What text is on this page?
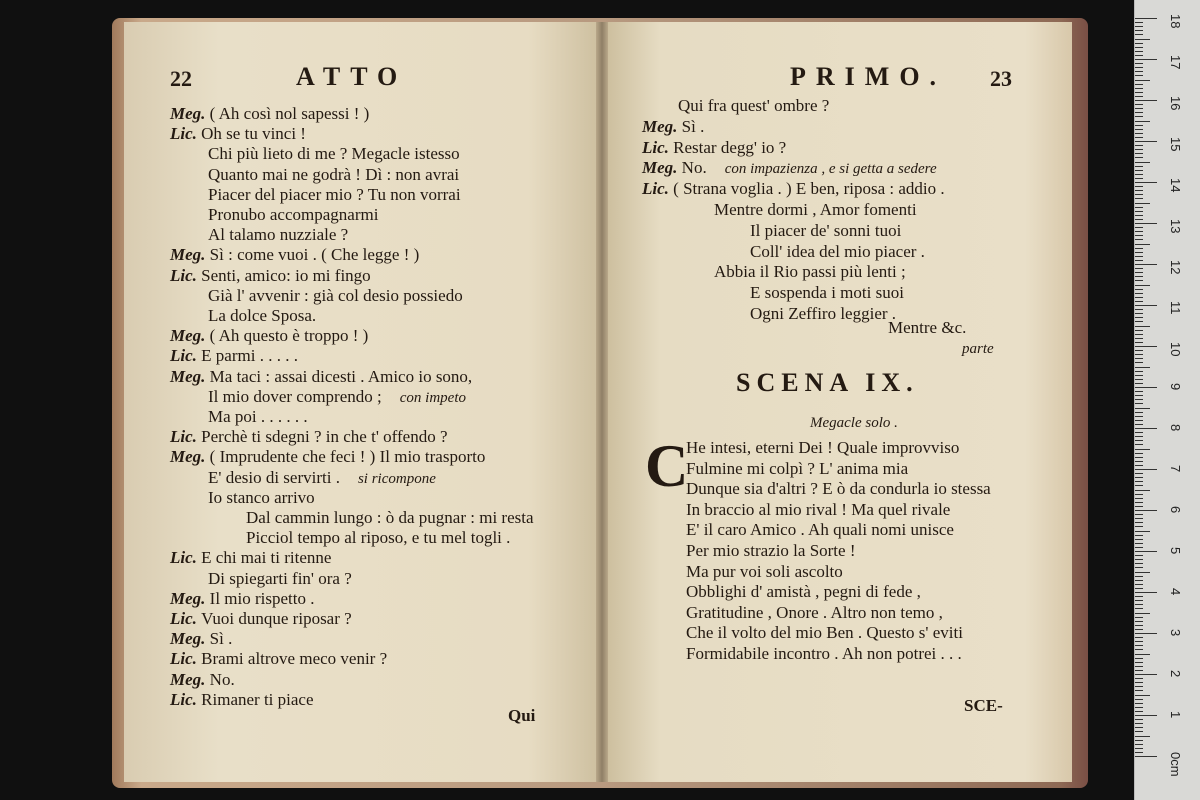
18
17
16
15
14
13
12
11
10
9
8
7
6
5
4
3
2
1
0cm
22	ATTO
Meg. ( Ah così nol sapessi ! )
Lic. Oh se tu vinci !
Chi più lieto di me ? Megacle istesso
Quanto mai ne godrà ! Dì : non avrai
Piacer del piacer mio ? Tu non vorrai
Pronubo accompagnarmi
Al talamo nuzziale ?
Meg. Sì : come vuoi . ( Che legge ! )
Lic. Senti, amico: io mi fingo
Già l' avvenir : già col desio possiedo
La dolce Sposa.
Meg. ( Ah questo è troppo ! )
Lic. E parmi . . . . .
Meg. Ma taci : assai dicesti . Amico io sono,
Il mio dover comprendo ; con impeto
Ma poi . . . . . .
Lic. Perchè ti sdegni ? in che t' offendo ?
Meg. ( Imprudente che feci ! ) Il mio trasporto
E' desio di servirti . si ricompone
Io stanco arrivo
Dal cammin lungo : ò da pugnar : mi resta
Picciol tempo al riposo, e tu mel togli .
Lic. E chi mai ti ritenne
Di spiegarti fin' ora ?
Meg. Il mio rispetto .
Lic. Vuoi dunque riposar ?
Meg. Sì .
Lic. Brami altrove meco venir ?
Meg. No.
Lic. Rimaner ti piace
Qui
PRIMO. 23
Qui fra quest' ombre ?
Meg. Sì .
Lic. Restar degg' io ?
Meg. No. con impazienza , e si getta a sedere
Lic. ( Strana voglia . ) E ben, riposa : addio .
Mentre dormi , Amor fomenti
Il piacer de' sonni tuoi
Coll' idea del mio piacer .
Abbia il Rio passi più lenti ;
E sospenda i moti suoi
Ogni Zeffiro leggier .
Mentre &c.
parte
SCENA IX.
Megacle solo .
C
He intesi, eterni Dei ! Quale improvviso
Fulmine mi colpì ? L' anima mia
Dunque sia d'altri ? E ò da condurla io stessa
In braccio al mio rival ! Ma quel rivale
E' il caro Amico . Ah quali nomi unisce
Per mio strazio la Sorte !
Ma pur voi soli ascolto
Obblighi d' amistà , pegni di fede ,
Gratitudine , Onore . Altro non temo ,
Che il volto del mio Ben . Questo s' eviti
Formidabile incontro . Ah non potrei . . .
SCE-
